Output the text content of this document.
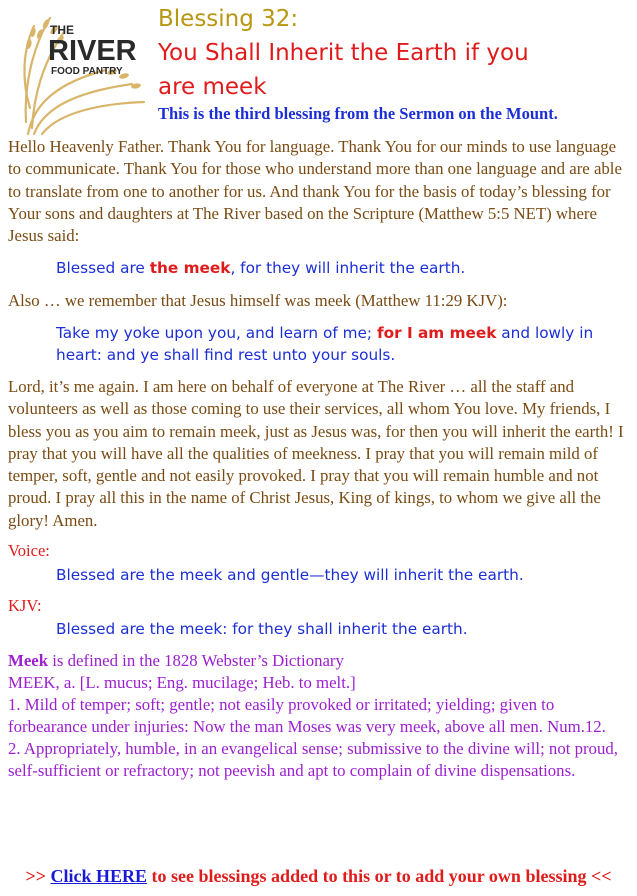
THE
RIVER
FOOD PANTRY
Blessing 32:
You Shall Inherit the Earth if you
are meek
This is the third blessing from the Sermon on the Mount.
Hello Heavenly Father. Thank You for language. Thank You for our minds to use language to communicate. Thank You for those who understand more than one language and are able to translate from one to another for us. And thank You for the basis of today’s blessing for Your sons and daughters at The River based on the Scripture (Matthew 5:5 NET) where Jesus said:
Blessed are the meek, for they will inherit the earth.
Also … we remember that Jesus himself was meek (Matthew 11:29 KJV):
Take my yoke upon you, and learn of me; for I am meek and lowly in heart: and ye shall find rest unto your souls.
Lord, it’s me again. I am here on behalf of everyone at The River … all the staff and volunteers as well as those coming to use their services, all whom You love. My friends, I bless you as you aim to remain meek, just as Jesus was, for then you will inherit the earth! I pray that you will have all the qualities of meekness. I pray that you will remain mild of temper, soft, gentle and not easily provoked. I pray that you will remain humble and not proud. I pray all this in the name of Christ Jesus, King of kings, to whom we give all the glory! Amen.
Voice:
Blessed are the meek and gentle—they will inherit the earth.
KJV:
Blessed are the meek: for they shall inherit the earth.
Meek is defined in the 1828 Webster’s Dictionary
MEEK, a. [L. mucus; Eng. mucilage; Heb. to melt.]
1. Mild of temper; soft; gentle; not easily provoked or irritated; yielding; given to forbearance under injuries: Now the man Moses was very meek, above all men. Num.12.
2. Appropriately, humble, in an evangelical sense; submissive to the divine will; not proud, self-sufficient or refractory; not peevish and apt to complain of divine dispensations.
>> Click HERE to see blessings added to this or to add your own blessing <<
